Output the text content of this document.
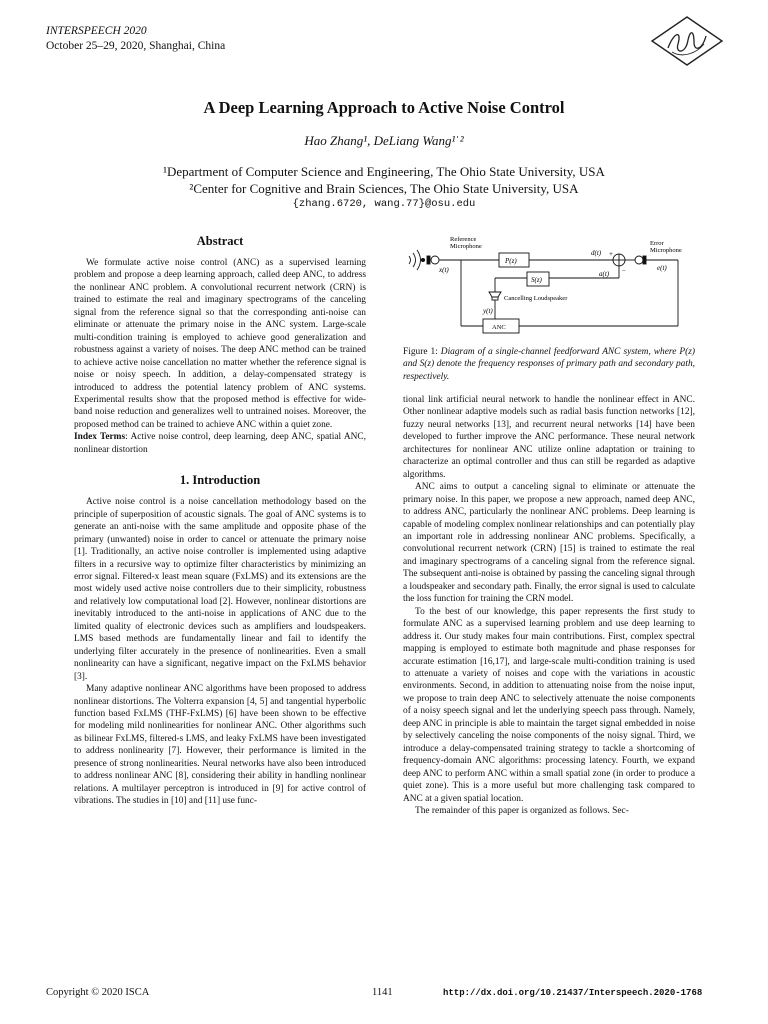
INTERSPEECH 2020
October 25–29, 2020, Shanghai, China
A Deep Learning Approach to Active Noise Control
Hao Zhang¹, DeLiang Wang¹ˈ²
¹Department of Computer Science and Engineering, The Ohio State University, USA
²Center for Cognitive and Brain Sciences, The Ohio State University, USA
{zhang.6720, wang.77}@osu.edu
Abstract

We formulate active noise control (ANC) as a supervised learning problem and propose a deep learning approach, called deep ANC, to address the nonlinear ANC problem. A convolutional recurrent network (CRN) is trained to estimate the real and imaginary spectrograms of the canceling signal from the reference signal so that the corresponding anti-noise can eliminate or attenuate the primary noise in the ANC system. Large-scale multi-condition training is employed to achieve good generalization and robustness against a variety of noises. The deep ANC method can be trained to achieve active noise cancellation no matter whether the reference signal is noise or noisy speech. In addition, a delay-compensated strategy is introduced to address the potential latency problem of ANC systems. Experimental results show that the proposed method is effective for wide-band noise reduction and generalizes well to untrained noises. Moreover, the proposed method can be trained to achieve ANC within a quiet zone.

Index Terms: Active noise control, deep learning, deep ANC, spatial ANC, nonlinear distortion

1. Introduction

Active noise control is a noise cancellation methodology based on the principle of superposition of acoustic signals. The goal of ANC systems is to generate an anti-noise with the same amplitude and opposite phase of the primary (unwanted) noise in order to cancel or attenuate the primary noise [1]. Traditionally, an active noise controller is implemented using adaptive filters in a recursive way to optimize filter characteristics by minimizing an error signal. Filtered-x least mean square (FxLMS) and its extensions are the most widely used active noise controllers due to their simplicity, robustness and relatively low computational load [2]. However, nonlinear distortions are inevitably introduced to the anti-noise in applications of ANC due to the limited quality of electronic devices such as amplifiers and loudspeakers. LMS based methods are fundamentally linear and fail to identify the underlying filter accurately in the presence of nonlinearities. Even a small nonlinearity can have a significant, negative impact on the FxLMS behavior [3].

Many adaptive nonlinear ANC algorithms have been proposed to address nonlinear distortions. The Volterra expansion [4, 5] and tangential hyperbolic function based FxLMS (THF-FxLMS) [6] have been shown to be effective for modeling mild nonlinearities for nonlinear ANC. Other algorithms such as bilinear FxLMS, filtered-s LMS, and leaky FxLMS have been investigated to address nonlinearity [7]. However, their performance is limited in the presence of strong nonlinearities. Neural networks have also been introduced to address nonlinear ANC [8], considering their ability in handling nonlinear relations. A multilayer perceptron is introduced in [9] for active control of vibrations. The studies in [10] and [11] use func-

Reference
Microphone	Error
Microphone
x(t)
P(z)
d(t)
e(t)
a(t)
S(z)
Cancelling Loudspeaker
y(t)
ANC
+
−
Figure 1: Diagram of a single-channel feedforward ANC system, where P(z) and S(z) denote the frequency responses of primary path and secondary path, respectively.

tional link artificial neural network to handle the nonlinear effect in ANC. Other nonlinear adaptive models such as radial basis function networks [12], fuzzy neural networks [13], and recurrent neural networks [14] have been developed to further improve the ANC performance. These neural network architectures for nonlinear ANC utilize online adaptation or training to characterize an optimal controller and thus can still be regarded as adaptive algorithms.

ANC aims to output a canceling signal to eliminate or attenuate the primary noise. In this paper, we propose a new approach, named deep ANC, to address ANC, particularly the nonlinear ANC problems. Deep learning is capable of modeling complex nonlinear relationships and can potentially play an important role in addressing nonlinear ANC problems. Specifically, a convolutional recurrent network (CRN) [15] is trained to estimate the real and imaginary spectrograms of a canceling signal from the reference signal. The subsequent anti-noise is obtained by passing the canceling signal through a loudspeaker and secondary path. Finally, the error signal is used to calculate the loss function for training the CRN model.

To the best of our knowledge, this paper represents the first study to formulate ANC as a supervised learning problem and use deep learning to address it. Our study makes four main contributions. First, complex spectral mapping is employed to estimate both magnitude and phase responses for accurate estimation [16,17], and large-scale multi-condition training is used to attenuate a variety of noises and cope with the variations in acoustic environments. Second, in addition to attenuating noise from the noise input, we propose to train deep ANC to selectively attenuate the noise components of a noisy speech signal and let the underlying speech pass through. Namely, deep ANC in principle is able to maintain the target signal embedded in noise by selectively canceling the noise components of the noisy signal. Third, we introduce a delay-compensated training strategy to tackle a shortcoming of frequency-domain ANC algorithms: processing latency. Fourth, we expand deep ANC to perform ANC within a small spatial zone (in order to produce a quiet zone). This is a more useful but more challenging task compared to ANC at a given spatial location.

The remainder of this paper is organized as follows. Sec-

Copyright © 2020 ISCA	1141	http://dx.doi.org/10.21437/Interspeech.2020-1768
